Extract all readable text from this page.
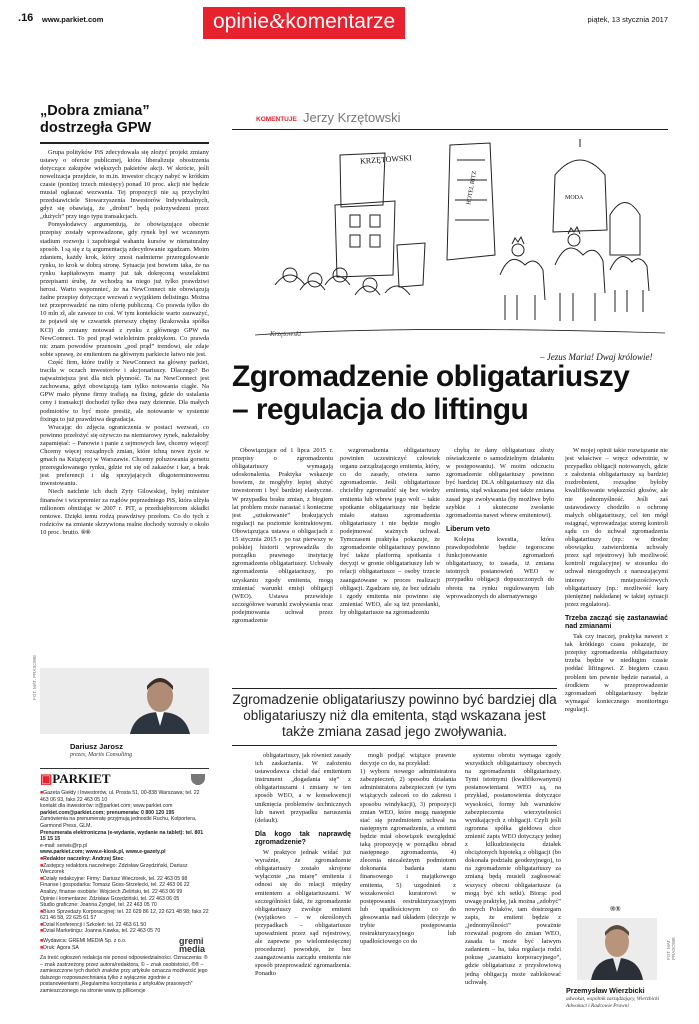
.16 www.parkiet.com	opinie&komentarze	piątek, 13 stycznia 2017
„Dobra zmiana” dostrzegła GPW

Grupa polityków PiS zdecydowała się złożyć projekt zmiany ustawy o ofercie publicznej, która liberalizuje obostrzenia dotyczące zakupów większych pakietów akcji. W skrócie, jeśli nowelizacja przejdzie, to m.in. inwestor chcący nabyć w krótkim czasie (poniżej trzech miesięcy) ponad 10 proc. akcji nie będzie musiał ogłaszać wezwania. Tej propozycji nie są przychylni przedstawiciele Stowarzyszenia Inwestorów Indywidualnych, gdyż się obawiają, że „drobni” będą pokrzywdzeni przez „dużych” przy tego typu transakcjach.

Pomysłodawcy argumentują, że obowiązujące obecnie przepisy zostały wprowadzone, gdy rynek był we wczesnym stadium rozwoju i zapobiegał wahaniu kursów w nienaturalny sposób. I są się z tą argumentacją zdecydowanie zgadzam. Moim zdaniem, każdy krok, który znosi nadmierne przeregulowanie rynku, to krok w dobrą stronę. Sytuacja jest bowiem taka, że na rynku kapitałowym mamy już tak dokręconą wszelakimi przepisami śrubę, że wchodzą na niego już tylko prawdziwi herosi. Warto wspomnieć, że na NewConnect nie obowiązują żadne przepisy dotyczące wezwań z wyjątkiem delistingu. Można też przeprowadzić na nim ofertę publiczną. Co prawda tylko do 10 mln zł, ale zawsze to coś. W tym kontekście warto zauważyć, że pojawił się w czwartek pierwszy chętny (krakowska spółka KCI) do zmiany notowań z rynku z głównego GPW na NewConnect. To pod prąd wieloletnim praktykom. Co prawda nic znam powodów przenosin „pod prąd” trendowi, ale zdaje sobie sprawę, że emitentom na głównym parkiecie łatwo nie jest.

Część firm, które trafiły z NewConnect na główny parkiet, traciła w oczach inwestorów i akcjonariuszy. Dlaczego? Bo najważniejsza jest dla nich płynność. Ta na NewConnect jest zachowana, gdyż obowiązują tam tylko notowania ciągłe. Na GPW mało płynne firmy trafiają na fixing, gdzie do ustalania ceny i transakcji dochodzi tylko dwa razy dziennie. Dla małych podmiotów to być może prestiż, ale notowanie w systemie fixingu to już prawdziwa degradacja.

Wracając do zdjęcia ograniczenia w postaci wezwań, co powinno przełożyć się ożywczo na niemiarowy rynek, należałoby zapamiętać: – Panowie i panie z sejmowych ław, chcemy więcej! Chcemy więcej rozsądnych zmian, które tchną nowe życie w gmach na Książęcej w Warszawie. Chcemy poluzowania gorsetu przeregulowanego rynku, gdzie roi się od zakazów i kar, a brak jest preferencji i ulg sprzyjających długoterminowemu inwestowaniu.

Niech natchnie ich duch Zyty Gilowskiej, byłej minister finansów i wicepremier za rządów poprzedniego PiS, która ulżyła milionom obniżając w 2007 r. PIT, a przedsiębiorcom składki rentowe. Dzięki temu rodzą prawdziwy przełom. Co do tych z rodziców na zmianie skrzywiona realne dochody wzrosły o około 10 proc. brutto. ®®

FOT. MAT. PRASOWE
Dariusz Jarosz
prezes, Martis Consulting
▣PARKIET
■ Gazeta Giełdy i Inwestorów, ul. Prosta 51, 00-838 Warszawa; tel. 22 463 06 93, faks 22 463 05 10
kontakt dla inwestorów: ir@parkiet.com; www.parkiet.com
parkiet.com@parkiet.com; prenumerata: 0 800 120 195
Zamówienia na prenumeratę przyjmują jednostki Ruchu, Kolportera, Garmond Press, GLM.
Prenumerata elektroniczna (e-wydanie, wydanie na tablet): tel. 801 15 15 15
e-mail: serwis@rp.pl
www.parkiet.com; www.e-kiosk.pl, www.e-gazety.pl
■ Redaktor naczelny: Andrzej Stec
■ Zastępcy redaktora naczelnego: Zdzisław Grzędziński, Dariusz Wieczorek
■ Działy redakcyjne: Firmy: Dariusz Wieczorek, tel. 22 463 05 98
Finanse i gospodarka: Tomasz Goss-Strzelecki, tel. 22 463 06 22
Analizy, finanse osobiste: Wojciech Zieliński, tel. 22 463 06 99
Opinie i komentarze: Zdzisław Grzędziński, tel. 22 463 06 05
Studio graficzne: Joanna Zyngiel, tel. 22 463 05 70
■ Biuro Sprzedaży Korporacyjnej: tel. 22 629 86 12, 22 621 48 98; faks 22 621 46 58, 22 625 61 57
■ Dział Konferencji i Szkoleń: tel. 22 463 61 50
■ Dział Marketingu: Joanna Kawka, tel. 22 463 05 70
■ Wydawca: GREMI MEDIA Sp. z o.o.
■ Druk: Agora SA
gremi media
Za treść ogłoszeń redakcja nie ponosi odpowiedzialności. Oznaczenia: ® – znak zastrzeżony przez autora/redaktora, © – znak osobistości, ®® – zamieszczone tych dwóch znaków przy artykule oznacza możliwość jego dalszego rozpowszechniania tylko z wyłącznie zgodnie z postanowieniami „Regulaminu korzystania z artykułów prasowych” zamieszczonego na stronie www.rp.pl/licencje
KOMENTUJE Jerzy Krzętowski
KRZĘTOWSKI
HOTEL RITZ	MODA
Krzętowski
– Jezus Maria! Dwaj królowie!
Zgromadzenie obligatariuszy
– regulacja do liftingu

Obowiązujące od 1 lipca 2015 r. przepisy o zgromadzeniu obligatariuszy wymagają udoskonalenia. Praktyka wskazuje bowiem, że mogłyby lepiej służyć inwestorom i być bardziej elastyczne. W przypadku braku zmian, z biegiem lat problem może narastać i konieczne jest „sztukowanie” brakujących regulacji na poziomie kontraktowym. Obowiązująca ustawa o obligacjach z 15 stycznia 2015 r. po raz pierwszy w polskiej historii wprowadziła do porządku prawnego instytucję zgromadzenia obligatariuszy. Uchwały zgromadzenia obligatariuszy, po uzyskaniu zgody emitenta, mogą zmieniać warunki emisji obligacji (WEO). Ustawa przewiduje szczegółowe warunki zwoływania oraz podejmowania uchwał przez zgromadzenie

wzgromadzenia obligatariuszy powinien uczestniczyć człowiek organu zarządzającego emitenta, który, co do zasady, otwiera samo zgromadzenie. Jeśli obligatariusze chcieliby zgromadzić się bez wiedzy emitenta lub wbrew jego woli – takie spotkanie obligatariuszy nie będzie miało statusu zgromadzenia obligatariuszy i nie będzie mogło podejmować ważnych uchwał. Tymczasem praktyka pokazuje, że zgromadzenie obligatariuszy powinno być także platformą spotkania i decyzji w gronie obligatariuszy lub w relacji obligatariusze – osoby trzecie zaangażowane w proces realizacji obligacji. Zgadzam się, że bez udziału i zgody emitenta nie powinno się zmieniać WEO, ale są też przesłanki, by obligatariusze na zgromadzeniu

chybą że dany obligatariusz złoży oświadczenie o samodzielnym działaniu w postępowaniu). W moim odczuciu zgromadzenie obligatariuszy powinno być bardziej DLA obligatariuszy niż dla emitenta, stąd wskazana jest także zmiana zasad jego zwoływania (by możliwe było szybkie i skuteczne zwołanie zgromadzenia nawet wbrew emitentowi).

Liberum veto

Kolejna kwestia, która prawdopodobnie będzie tegoroczne funkcjonowanie zgromadzeń obligatariuszy, to zasada, iż zmiana istotnych postanowień WEO w przypadku obligacji dopuszczonych do obrotu na rynku regulowanym lub wprowadzonych do alternatywnego

W mojej opinii takie rozwiązanie nie jest właściwe – wręcz odwrotnie, w przypadku obligacji notowanych, gdzie z założenia obligatariuszy są bardziej rozdrobnieni, rozsądne byłoby kwalifikowanie większości głosów, ale nie jednomyślność. Jeśli zaś ustawodawcy chodziło o ochronę małych obligatariuszy, cel ten mógł osiągnąć, wprowadzając szereg kontroli sądu co do uchwał zgromadzenia obligatariuszy (np.: w drodze obowiązku zatwierdzenia uchwały przez sąd rejestrowy) lub możliwość kontroli regulacyjnej w stosunku do uchwał niezgodnych z naruszającymi interesy mniejszościowych obligatariuszy (np.: możliwość kary pieniężnej nakładanej w takiej sytuacji przez regulatora).

Trzeba zacząć się zastanawiać nad zmianami

Tak czy inaczej, praktyka naweet z tak krótkiego czasu pokazuje, że przepisy zgromadzenia obligatariuszy trzeba będzie w niedługim czasie poddać liftingowi. Z biegiem czasu problem ten pewnie będzie narastał, a środkiem w przeprowadzenie zgromadzeń obligatariuszy będzie wymagać koniecznego monitoringu regulacji.

Zgromadzenie obligatariuszy powinno być bardziej dla obligatariuszy niż dla emitenta, stąd wskazana jest także zmiana zasad jego zwoływania.

obligatariuszy, jak również zasady ich zaskarżania. W założeniu ustawodawca chciał dać emitentom instrument „dogadania się” z obligatariuszami i zmiany w ten sposób WEO, a w konsekwencji uniknięcia problemów technicznych lub nawet przypadku naruszenia (default).

Dla kogo tak naprawdę zgromadzenie?

W praktyce jednak widać już wyraźnie, że zgromadzenie obligatariuszy zostało skrojone wyłącznie „na miarę” emitenta i odnosi się do relacji między emitentem a obligatariuszami. W szczególności fakt, że zgromadzenie obligatariuszy zwołuje emitent (wyjątkowo – w określonych przypadkach – obligatariusze upoważnieni przez sąd rejestrowy, ale zapewne po wielomiesięcznej procedurze) powoduje, że bez zaangażowania zarządu emitenta nie sposób przeprowadzić zgromadzenia. Ponadto

mogli podjąć wiążące prawnie decyzje co do, na przykład:

1) wyboru nowego administratora zabezpieczeń, 2) sposobu działania administratora zabezpieczeń (w tym wiążących zaleceń co do zakresu i sposobu windykacji), 3) propozycji zmian WEO, które mogą następnie stać się przedmiotem uchwał na następnym zgromadzeniu, a emitent będzie miał obowiązek uwzględnić taką propozycję w porządku obrad następnego zgromadzenia, 4) zlecenia niezależnym podmiotom dokonania badania stanu finansowego i majątkowego emitenta, 5) uzgodnień z wszakowości kuratorowi w postępowaniu restrukturyzacyjnym lub upadłościowym co do głosowania nad układem (decyzje w trybie postępowania restrukturyzacyjnego lub upadłościowego co do

systemu obrotu wymaga zgody wszystkich obligatariuszy obecnych na zgromadzeniu obligatariuszy. Tymi istotnymi (kwalifikowanymi) postanowieniami WEO są, na przykład, postanowienia dotyczące wysokości, formy lub warunków zabezpieczenia wierzytelności wynikających z obligacji. Czyli jeśli ogromna spółka giełdowa chce zmienić zapis WEO dotyczący jednej z kilkudziesięciu działek obciążonych hipoteką z obligacji (bo dokonała podziału geodezyjnego), to na zgromadzenie obligatariuszy za zmianą będą musieli zagłosować wszyscy obecni obligatariusze (a mogą być ich setki). Biorąc pod uwagę praktykę, jak można „zdobyć” nowych Polaków, tam dostrzegam zapis, że emitent będzie z „jednomyślności” poważnie rozważał pogrom do zmian WEO, zasada ta może być łatwym zadaniem – ba, taka regulacja rodzi pokusę „szantażu korporacyjnego”, gdzie obligatariusz z przysłowiową jedną obligacją może zablokować uchwałę.

FOT. MAT. PRASOWE
®®
Przemysław Wierzbicki
adwokat, wspólnik zarządzający, Wierzbicki Adwokaci i Radcowie Prawni
